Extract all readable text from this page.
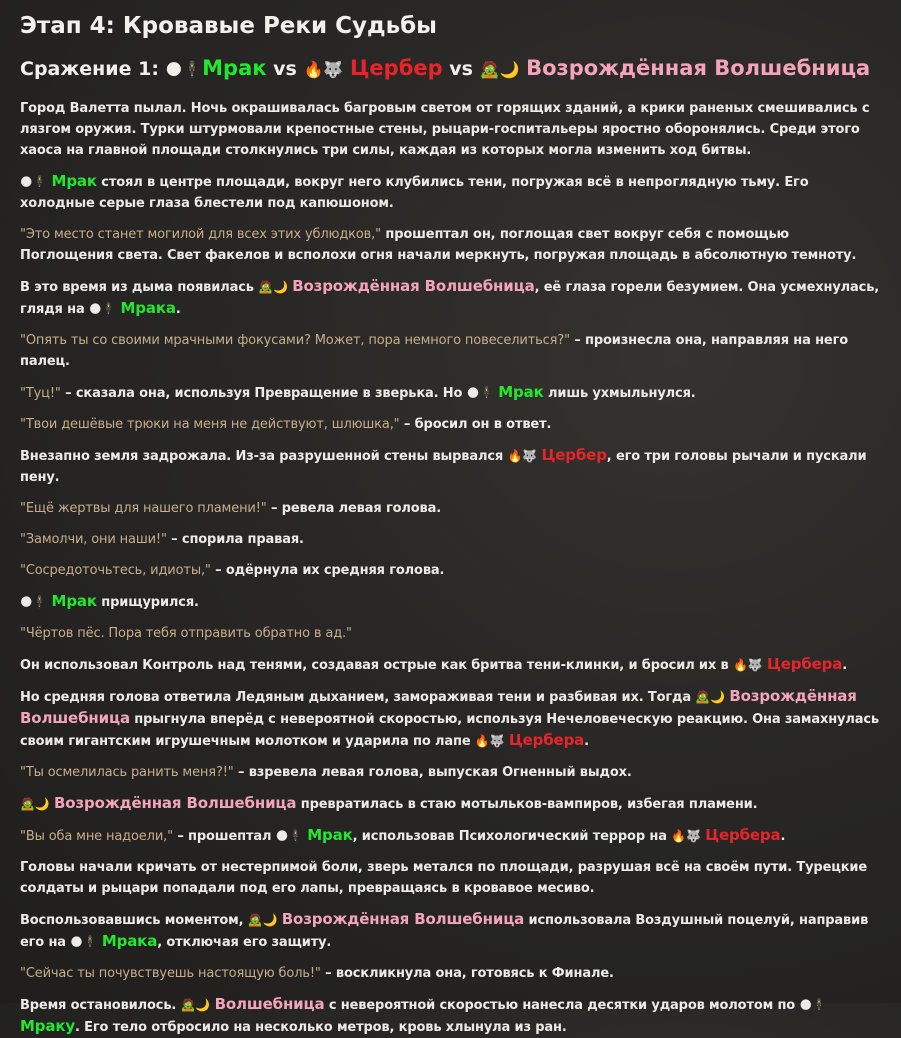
Этап 4: Кровавые Реки Судьбы
Сражение 1: 🌑🕴Мрак vs 🔥🐺 Цербер vs 🧟🌙 Возрождённая Волшебница

Город Валетта пылал. Ночь окрашивалась багровым светом от горящих зданий, а крики раненых смешивались с лязгом оружия. Турки штурмовали крепостные стены, рыцари-госпитальеры яростно оборонялись. Среди этого хаоса на главной площади столкнулись три силы, каждая из которых могла изменить ход битвы.

🌑🕴 Мрак стоял в центре площади, вокруг него клубились тени, погружая всё в непроглядную тьму. Его холодные серые глаза блестели под капюшоном.

"Это место станет могилой для всех этих ублюдков," прошептал он, поглощая свет вокруг себя с помощью Поглощения света. Свет факелов и всполохи огня начали меркнуть, погружая площадь в абсолютную темноту.

В это время из дыма появилась 🧟🌙 Возрождённая Волшебница, её глаза горели безумием. Она усмехнулась, глядя на 🌑🕴 Мрака.

"Опять ты со своими мрачными фокусами? Может, пора немного повеселиться?" – произнесла она, направляя на него палец.

"Туц!" – сказала она, используя Превращение в зверька. Но 🌑🕴 Мрак лишь ухмыльнулся.

"Твои дешёвые трюки на меня не действуют, шлюшка," – бросил он в ответ.

Внезапно земля задрожала. Из-за разрушенной стены вырвался 🔥🐺 Цербер, его три головы рычали и пускали пену.

"Ещё жертвы для нашего пламени!" – ревела левая голова.

"Замолчи, они наши!" – спорила правая.

"Сосредоточьтесь, идиоты," – одёрнула их средняя голова.

🌑🕴 Мрак прищурился.

"Чёртов пёс. Пора тебя отправить обратно в ад."

Он использовал Контроль над тенями, создавая острые как бритва тени-клинки, и бросил их в 🔥🐺 Цербера.

Но средняя голова ответила Ледяным дыханием, замораживая тени и разбивая их. Тогда 🧟🌙 Возрождённая Волшебница прыгнула вперёд с невероятной скоростью, используя Нечеловеческую реакцию. Она замахнулась своим гигантским игрушечным молотком и ударила по лапе 🔥🐺 Цербера.

"Ты осмелилась ранить меня?!" – взревела левая голова, выпуская Огненный выдох.

🧟🌙 Возрождённая Волшебница превратилась в стаю мотыльков-вампиров, избегая пламени.

"Вы оба мне надоели," – прошептал 🌑🕴 Мрак, использовав Психологический террор на 🔥🐺 Цербера.

Головы начали кричать от нестерпимой боли, зверь метался по площади, разрушая всё на своём пути. Турецкие солдаты и рыцари попадали под его лапы, превращаясь в кровавое месиво.

Воспользовавшись моментом, 🧟🌙 Возрождённая Волшебница использовала Воздушный поцелуй, направив его на 🌑🕴 Мрака, отключая его защиту.

"Сейчас ты почувствуешь настоящую боль!" – воскликнула она, готовясь к Финале.

Время остановилось. 🧟🌙 Волшебница с невероятной скоростью нанесла десятки ударов молотом по 🌑🕴 Мраку. Его тело отбросило на несколько метров, кровь хлынула из ран.
